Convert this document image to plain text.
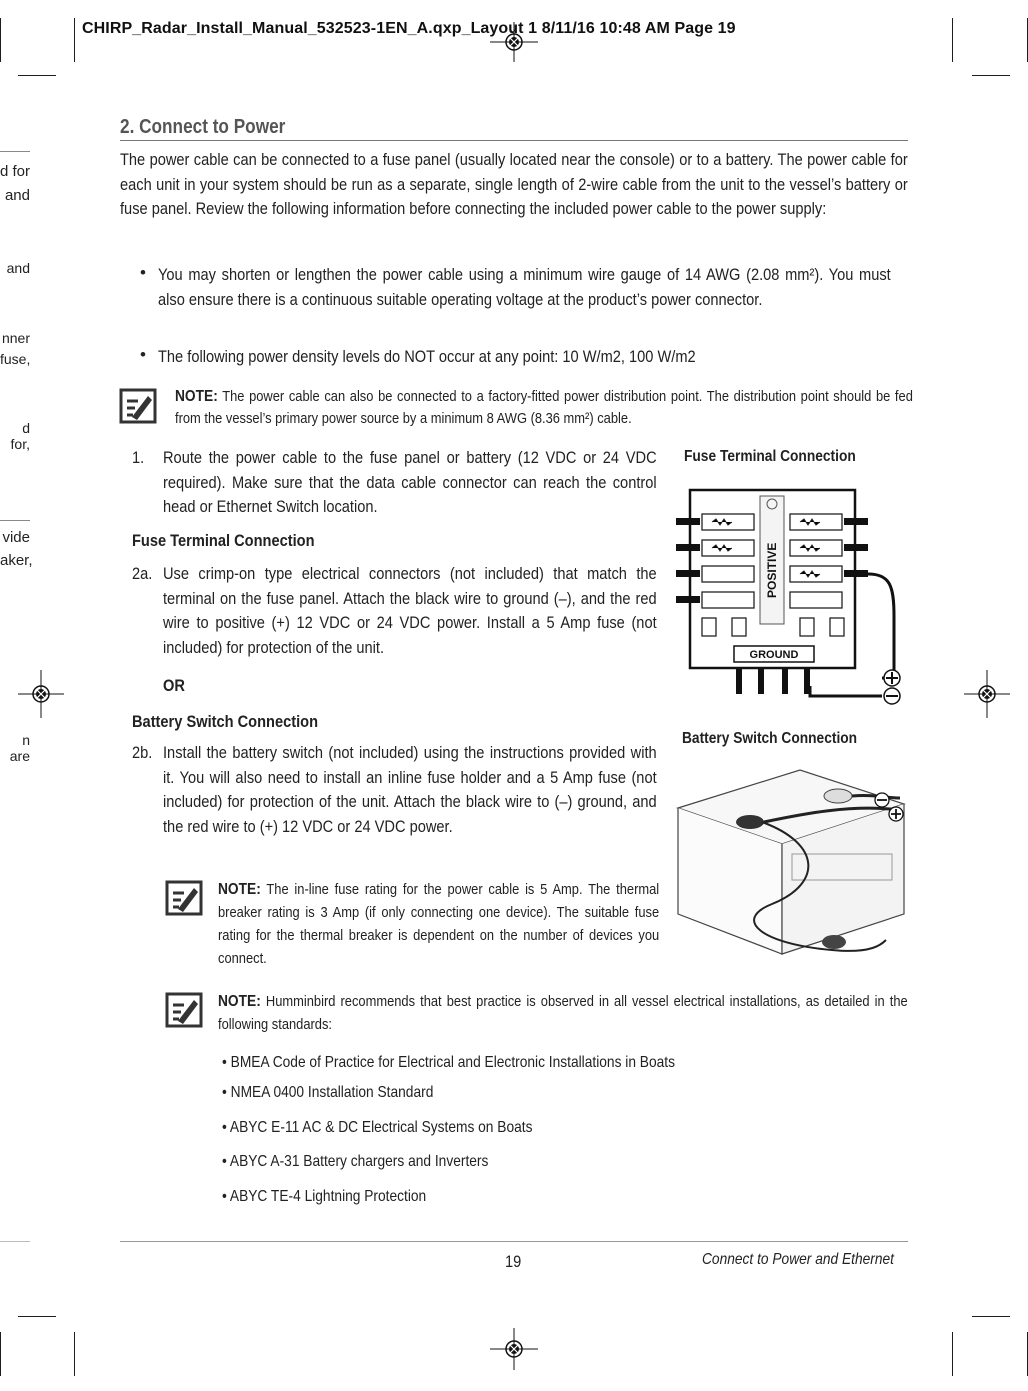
CHIRP_Radar_Install_Manual_532523-1EN_A.qxp_Layout 1 8/11/16 10:48 AM Page 19
d for
and
and
nner
fuse,
d for,
vide
aker,
n are
2. Connect to Power
The power cable can be connected to a fuse panel (usually located near the console) or to a battery. The power cable for each unit in your system should be run as a separate, single length of 2-wire cable from the unit to the vessel’s battery or fuse panel. Review the following information before connecting the included power cable to the power supply:
• You may shorten or lengthen the power cable using a minimum wire gauge of 14 AWG (2.08 mm²). You must also ensure there is a continuous suitable operating voltage at the product’s power connector.
• The following power density levels do NOT occur at any point: 10 W/m2, 100 W/m2
NOTE: The power cable can also be connected to a factory-fitted power distribution point. The distribution point should be fed from the vessel’s primary power source by a minimum 8 AWG (8.36 mm²) cable.
1. Route the power cable to the fuse panel or battery (12 VDC or 24 VDC required). Make sure that the data cable connector can reach the control head or Ethernet Switch location.
Fuse Terminal Connection
2a. Use crimp-on type electrical connectors (not included) that match the terminal on the fuse panel. Attach the black wire to ground (–), and the red wire to positive (+) 12 VDC or 24 VDC power. Install a 5 Amp fuse (not included) for protection of the unit.
OR
Battery Switch Connection
2b. Install the battery switch (not included) using the instructions provided with it. You will also need to install an inline fuse holder and a 5 Amp fuse (not included) for protection of the unit. Attach the black wire to (–) ground, and the red wire to (+) 12 VDC or 24 VDC power.
NOTE: The in-line fuse rating for the power cable is 5 Amp. The thermal breaker rating is 3 Amp (if only connecting one device). The suitable fuse rating for the thermal breaker is dependent on the number of devices you connect.
Fuse Terminal Connection
POSITIVE
GROUND
Battery Switch Connection
NOTE: Humminbird recommends that best practice is observed in all vessel electrical installations, as detailed in the following standards:
• BMEA Code of Practice for Electrical and Electronic Installations in Boats
• NMEA 0400 Installation Standard
• ABYC E-11 AC & DC Electrical Systems on Boats
• ABYC A-31 Battery chargers and Inverters
• ABYC TE-4 Lightning Protection
19	Connect to Power and Ethernet
